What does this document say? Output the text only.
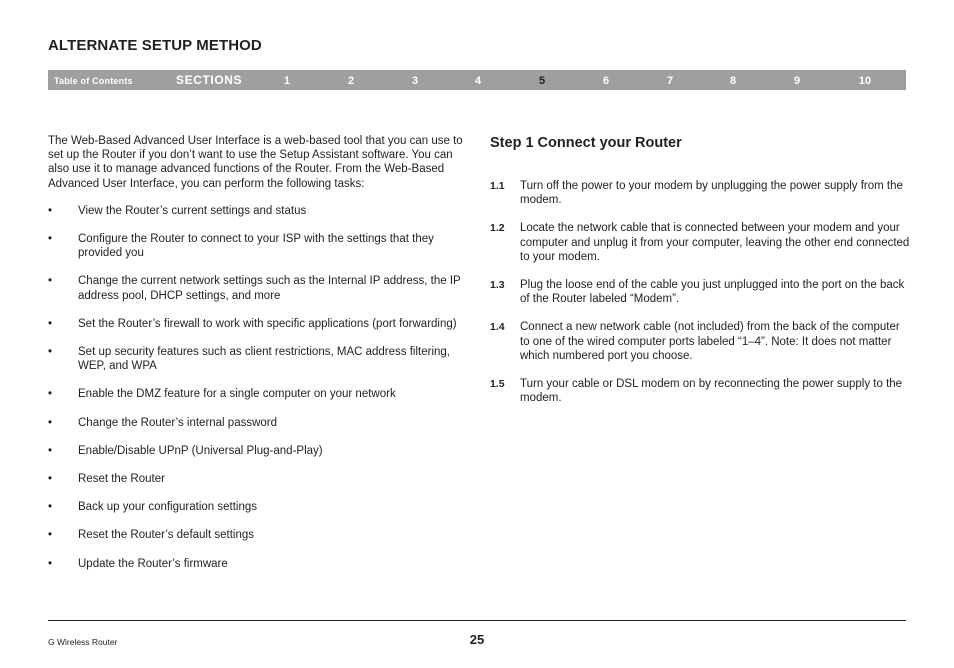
ALTERNATE SETUP METHOD
Table of Contents	SECTIONS	1	2	3	4	5	6	7	8	9	10

The Web-Based Advanced User Interface is a web-based tool that you can use to set up the Router if you don’t want to use the Setup Assistant software. You can also use it to manage advanced functions of the Router. From the Web-Based Advanced User Interface, you can perform the following tasks:

• View the Router’s current settings and status
• Configure the Router to connect to your ISP with the settings that they provided you
• Change the current network settings such as the Internal IP address, the IP address pool, DHCP settings, and more
• Set the Router’s firewall to work with specific applications (port forwarding)
• Set up security features such as client restrictions, MAC address filtering, WEP, and WPA
• Enable the DMZ feature for a single computer on your network
• Change the Router’s internal password
• Enable/Disable UPnP (Universal Plug-and-Play)
• Reset the Router
• Back up your configuration settings
• Reset the Router’s default settings
• Update the Router’s firmware
Step 1 Connect your Router
1.1 Turn off the power to your modem by unplugging the power supply from the modem.
1.2 Locate the network cable that is connected between your modem and your computer and unplug it from your computer, leaving the other end connected to your modem.
1.3 Plug the loose end of the cable you just unplugged into the port on the back of the Router labeled “Modem”.
1.4 Connect a new network cable (not included) from the back of the computer to one of the wired computer ports labeled “1–4”. Note: It does not matter which numbered port you choose.
1.5 Turn your cable or DSL modem on by reconnecting the power supply to the modem.
G Wireless Router	25
